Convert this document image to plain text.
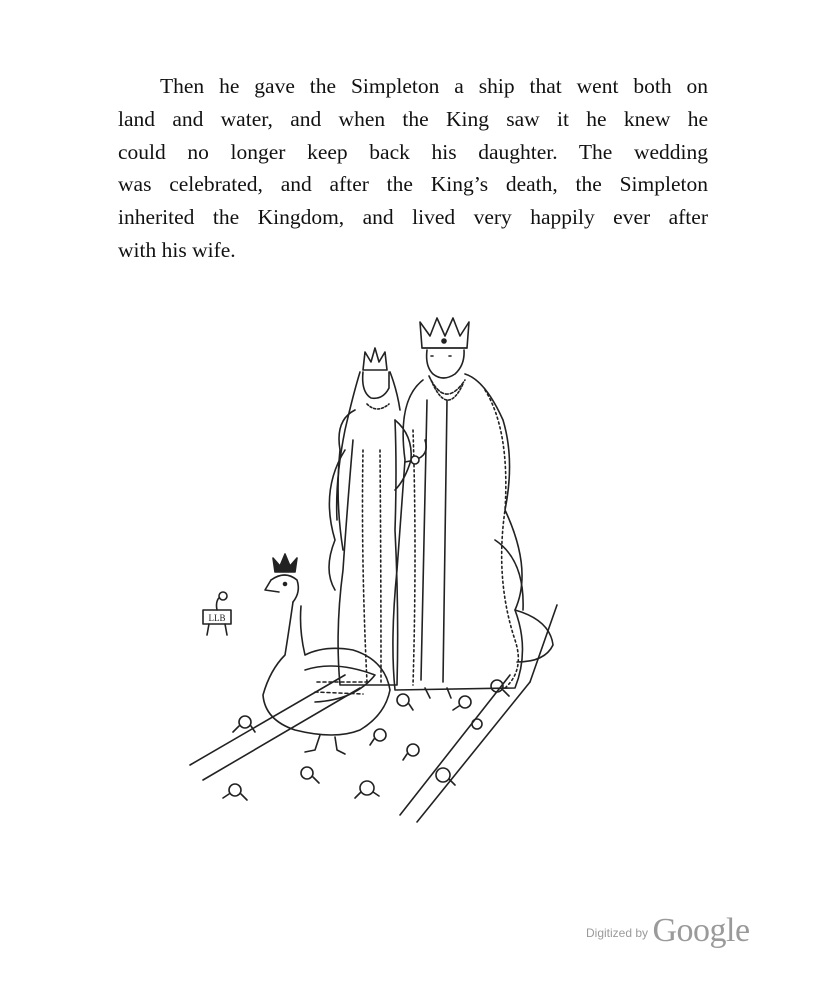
Then he gave the Simpleton a ship that went both on
land and water, and when the King saw it he knew he
could no longer keep back his daughter. The wedding
was celebrated, and after the King’s death, the Simpleton
inherited the Kingdom, and lived very happily ever after
with his wife.

LLB
$^{Digitized by}$ Google
